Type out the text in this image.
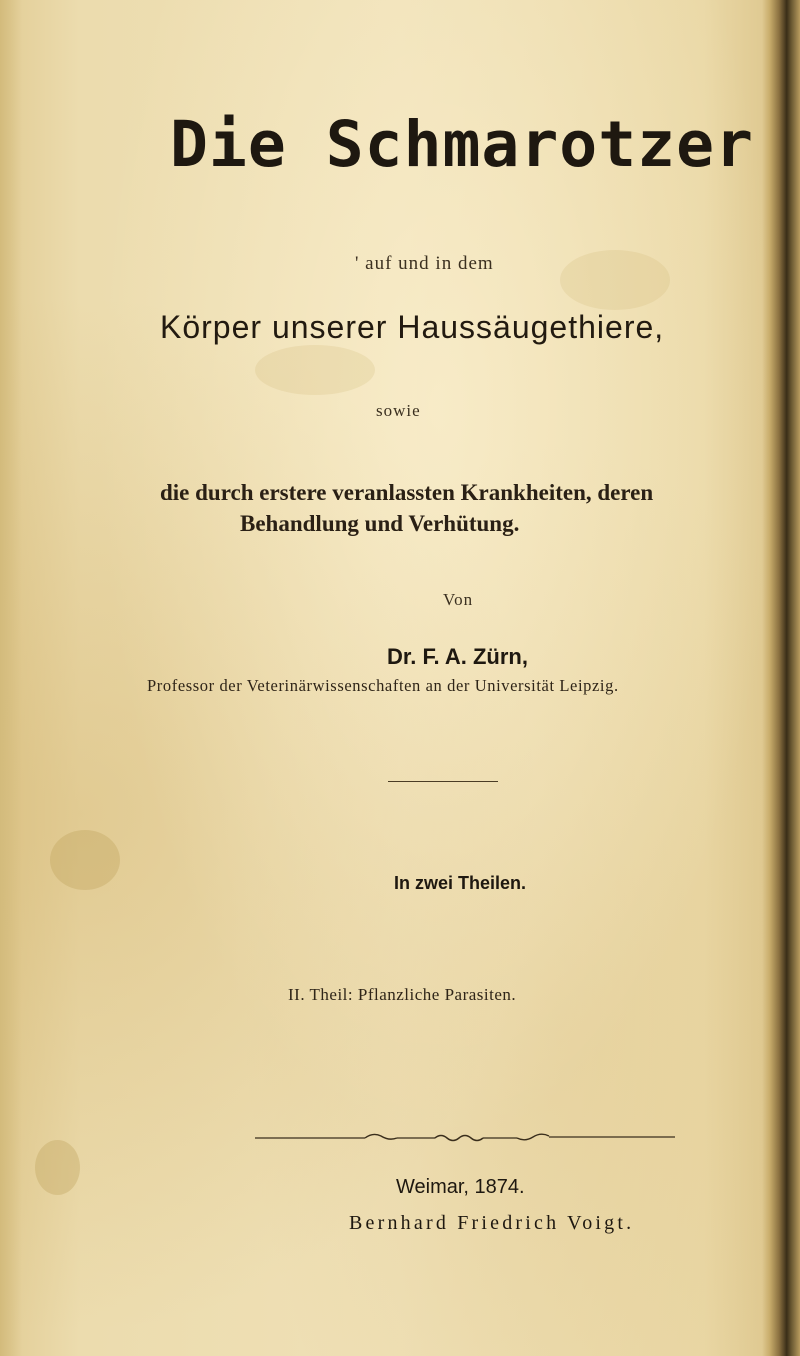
Die Schmarotzer
' auf und in dem
Körper unserer Haussäugethiere,
sowie
die durch erstere veranlassten Krankheiten, deren
Behandlung und Verhütung.
Von
Dr. F. A. Zürn,
Professor der Veterinärwissenschaften an der Universität Leipzig.
In zwei Theilen.
II. Theil: Pflanzliche Parasiten.
Weimar, 1874.
Bernhard Friedrich Voigt.
